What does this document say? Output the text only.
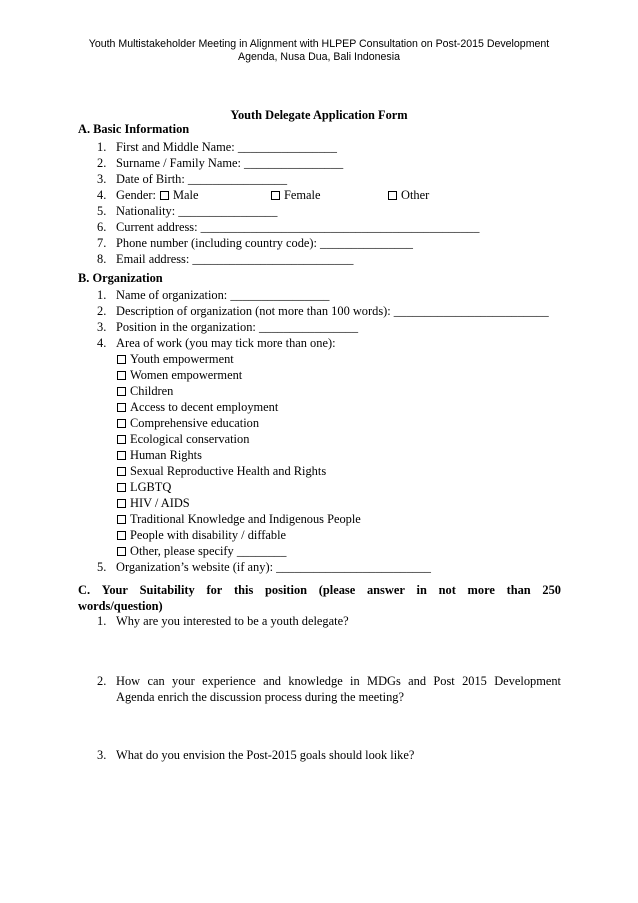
Youth Multistakeholder Meeting in Alignment with HLPEP Consultation on Post-2015 Development
Agenda, Nusa Dua, Bali Indonesia
Youth Delegate Application Form
A. Basic Information
1. First and Middle Name: ________________
2. Surname / Family Name: ________________
3. Date of Birth: ________________
4. Gender:	Male	Female	Other
5. Nationality: ________________
6. Current address: _____________________________________________
7. Phone number (including country code): _______________
8. Email address: __________________________
B. Organization
1. Name of organization: ________________
2. Description of organization (not more than 100 words): _________________________
3. Position in the organization: ________________
4. Area of work (you may tick more than one):
Youth empowerment
Women empowerment
Children
Access to decent employment
Comprehensive education
Ecological conservation
Human Rights
Sexual Reproductive Health and Rights
LGBTQ
HIV / AIDS
Traditional Knowledge and Indigenous People
People with disability / diffable
Other, please specify ________
5. Organization’s website (if any): _________________________
C. Your Suitability for this position (please answer in not more than 250
words/question)
1. Why are you interested to be a youth delegate?
2. How can your experience and knowledge in MDGs and Post 2015 Development
Agenda enrich the discussion process during the meeting?
3. What do you envision the Post-2015 goals should look like?
